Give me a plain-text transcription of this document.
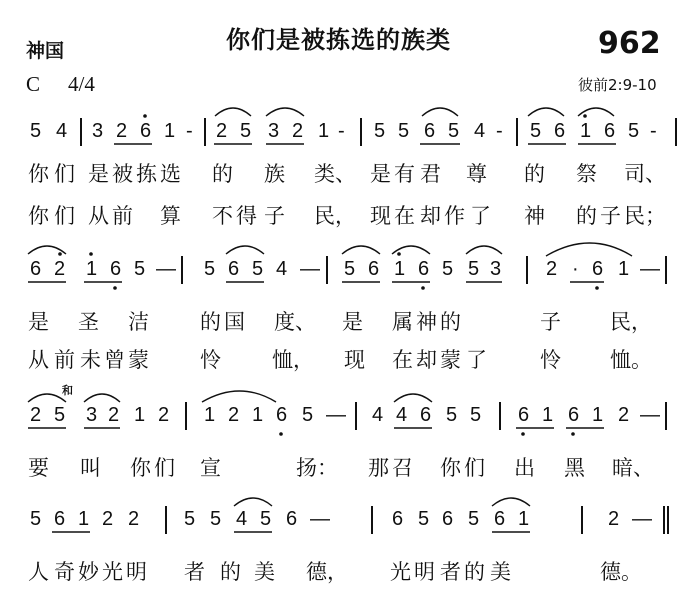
神国	你们是被拣选的族类	962
C 4/4	彼前2:9-10
5 4 3 2 6 1 - 2 5 3 2 1 - 5 5 6 5 4 - 5 6 1 6 5 -
你 们 是 被 拣 选 的 族 类、 是 有 君 尊 的 祭 司、
你 们 从 前 算 不 得 子 民， 现 在 却 作 了 神 的 子 民；
6 2 1 6 5 — 5 6 5 4 — 5 6 1 6 5 5 3 2 · 6 1 —
是 圣 洁 的 国 度、 是 属 神 的	子 民，
从 前 未 曾 蒙 怜 恤， 现 在 却 蒙 了	怜 恤。
和
2 5 3 2 1 2 1 2 1 6 5 — 4 4 6 5 5 6 1 6 1 2 —
要 叫 你 们 宣	扬： 那 召 你 们 出 黑 暗、
5 6 1 2 2 5 5 4 5 6 —	6 5 6 5 6 1	2 —
人 奇 妙 光 明 者 的 美 德， 光 明 者 的 美	德。
